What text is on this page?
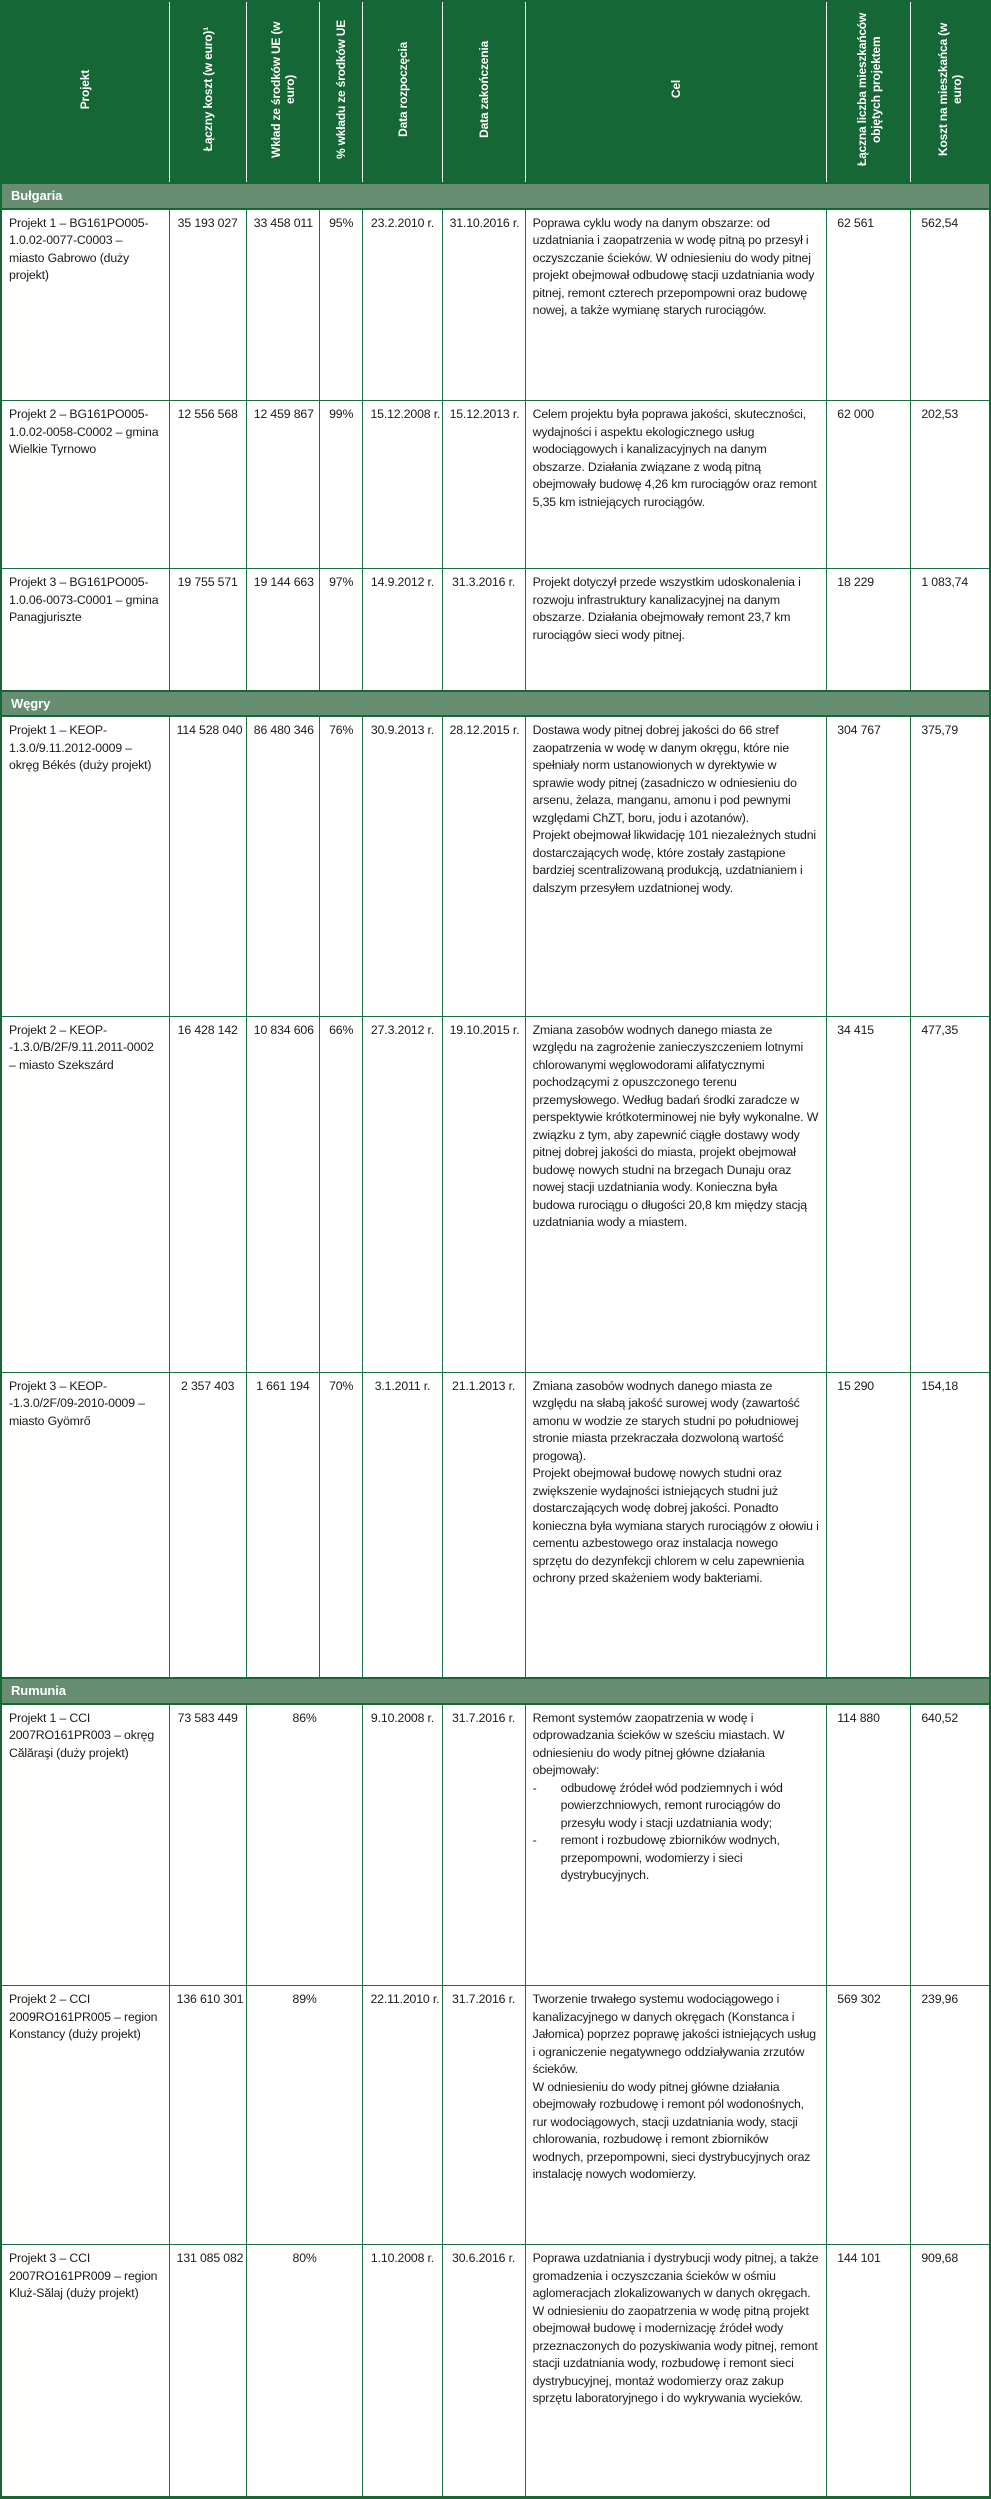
Projekt	Łączny koszt (w euro)¹	Wkład ze środków UE (w euro)	% wkładu ze środków UE	Data rozpoczęcia	Data zakończenia	Cel	Łączna liczba mieszkańców objętych projektem	Koszt na mieszkańca (w euro)
Bułgaria								
Projekt 1 – BG161PO005-1.0.02-0077-C0003 – miasto Gabrowo (duży projekt)	35 193 027	33 458 011	95%	23.2.2010 r.	31.10.2016 r.	Poprawa cyklu wody na danym obszarze: od uzdatniania i zaopatrzenia w wodę pitną po przesył i oczyszczanie ścieków. W odniesieniu do wody pitnej projekt obejmował odbudowę stacji uzdatniania wody pitnej, remont czterech przepompowni oraz budowę nowej, a także wymianę starych rurociągów.	62 561	562,54
Projekt 2 – BG161PO005-1.0.02-0058-C0002 – gmina Wielkie Tyrnowo	12 556 568	12 459 867	99%	15.12.2008 r.	15.12.2013 r.	Celem projektu była poprawa jakości, skuteczności, wydajności i aspektu ekologicznego usług wodociągowych i kanalizacyjnych na danym obszarze. Działania związane z wodą pitną obejmowały budowę 4,26 km rurociągów oraz remont 5,35 km istniejących rurociągów.	62 000	202,53
Projekt 3 – BG161PO005-1.0.06-0073-C0001 – gmina Panagjuriszte	19 755 571	19 144 663	97%	14.9.2012 r.	31.3.2016 r.	Projekt dotyczył przede wszystkim udoskonalenia i rozwoju infrastruktury kanalizacyjnej na danym obszarze. Działania obejmowały remont 23,7 km rurociągów sieci wody pitnej.	18 229	1 083,74
Węgry								
Projekt 1 – KEOP-1.3.0/9.11.2012-0009 – okręg Békés (duży projekt)	114 528 040	86 480 346	76%	30.9.2013 r.	28.12.2015 r.	Dostawa wody pitnej dobrej jakości do 66 stref zaopatrzenia w wodę w danym okręgu, które nie spełniały norm ustanowionych w dyrektywie w sprawie wody pitnej (zasadniczo w odniesieniu do arsenu, żelaza, manganu, amonu i pod pewnymi względami ChZT, boru, jodu i azotanów).

Projekt obejmował likwidację 101 niezależnych studni dostarczających wodę, które zostały zastąpione bardziej scentralizowaną produkcją, uzdatnianiem i dalszym przesyłem uzdatnionej wody.	304 767	375,79
Projekt 2 – KEOP--1.3.0/B/2F/9.11.2011-0002 – miasto Szekszárd	16 428 142	10 834 606	66%	27.3.2012 r.	19.10.2015 r.	Zmiana zasobów wodnych danego miasta ze względu na zagrożenie zanieczyszczeniem lotnymi chlorowanymi węglowodorami alifatycznymi pochodzącymi z opuszczonego terenu przemysłowego. Według badań środki zaradcze w perspektywie krótkoterminowej nie były wykonalne. W związku z tym, aby zapewnić ciągłe dostawy wody pitnej dobrej jakości do miasta, projekt obejmował budowę nowych studni na brzegach Dunaju oraz nowej stacji uzdatniania wody. Konieczna była budowa rurociągu o długości 20,8 km między stacją uzdatniania wody a miastem.	34 415	477,35
Projekt 3 – KEOP--1.3.0/2F/09-2010-0009 – miasto Gyömrő	2 357 403	1 661 194	70%	3.1.2011 r.	21.1.2013 r.	Zmiana zasobów wodnych danego miasta ze względu na słabą jakość surowej wody (zawartość amonu w wodzie ze starych studni po południowej stronie miasta przekraczała dozwoloną wartość progową).

Projekt obejmował budowę nowych studni oraz zwiększenie wydajności istniejących studni już dostarczających wodę dobrej jakości. Ponadto konieczna była wymiana starych rurociągów z ołowiu i cementu azbestowego oraz instalacja nowego sprzętu do dezynfekcji chlorem w celu zapewnienia ochrony przed skażeniem wody bakteriami.	15 290	154,18
Rumunia								
Projekt 1 – CCI 2007RO161PR003 – okręg Călăraşi (duży projekt)	73 583 449	86%		9.10.2008 r.	31.7.2016 r.	Remont systemów zaopatrzenia w wodę i odprowadzania ścieków w sześciu miastach. W odniesieniu do wody pitnej główne działania obejmowały:

- odbudowę źródeł wód podziemnych i wód powierzchniowych, remont rurociągów do przesyłu wody i stacji uzdatniania wody;

- remont i rozbudowę zbiorników wodnych, przepompowni, wodomierzy i sieci dystrybucyjnych.	114 880	640,52
Projekt 2 – CCI 2009RO161PR005 – region Konstancy (duży projekt)	136 610 301	89%		22.11.2010 r.	31.7.2016 r.	Tworzenie trwałego systemu wodociągowego i kanalizacyjnego w danych okręgach (Konstanca i Jałomica) poprzez poprawę jakości istniejących usług i ograniczenie negatywnego oddziaływania zrzutów ścieków.

W odniesieniu do wody pitnej główne działania obejmowały rozbudowę i remont pól wodonośnych, rur wodociągowych, stacji uzdatniania wody, stacji chlorowania, rozbudowę i remont zbiorników wodnych, przepompowni, sieci dystrybucyjnych oraz instalację nowych wodomierzy.	569 302	239,96
Projekt 3 – CCI 2007RO161PR009 – region Kluż-Sălaj (duży projekt)	131 085 082	80%		1.10.2008 r.	30.6.2016 r.	Poprawa uzdatniania i dystrybucji wody pitnej, a także gromadzenia i oczyszczania ścieków w ośmiu aglomeracjach zlokalizowanych w danych okręgach.

W odniesieniu do zaopatrzenia w wodę pitną projekt obejmował budowę i modernizację źródeł wody przeznaczonych do pozyskiwania wody pitnej, remont stacji uzdatniania wody, rozbudowę i remont sieci dystrybucyjnej, montaż wodomierzy oraz zakup sprzętu laboratoryjnego i do wykrywania wycieków.	144 101	909,68
